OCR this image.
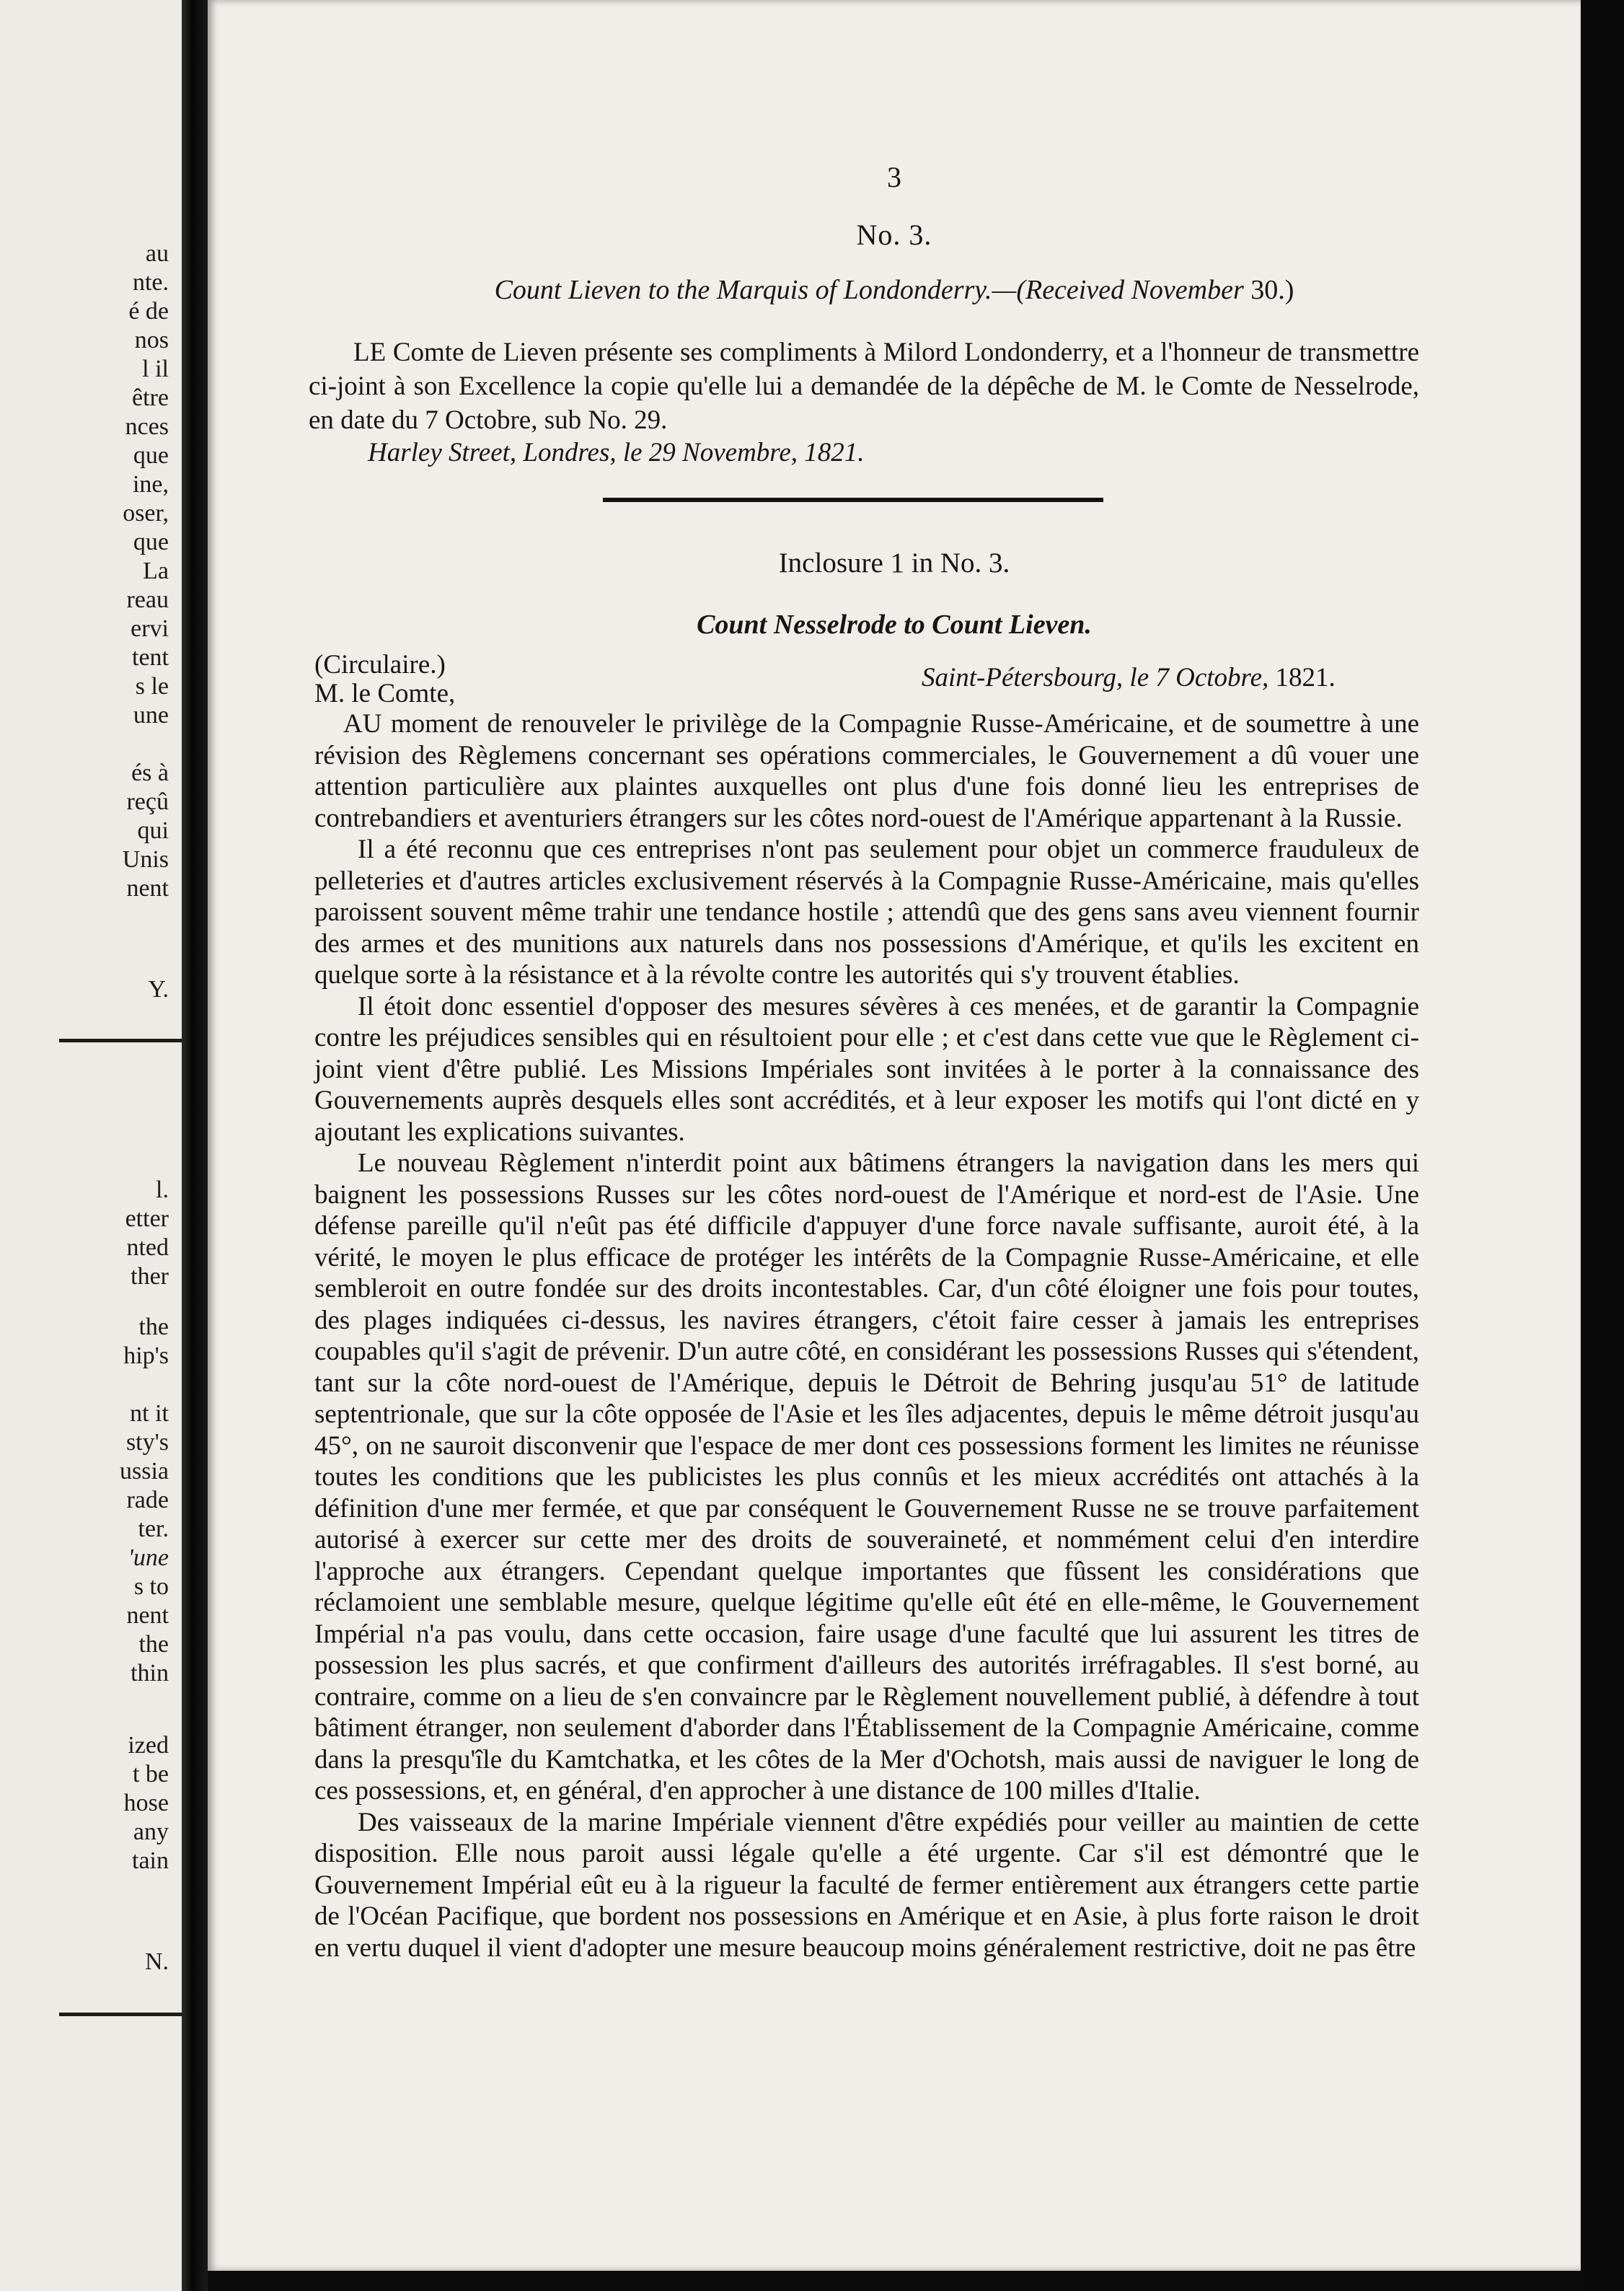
au
nte.
é de
nos
l il
être
nces
que
ine,
oser,
que
La
reau
ervi
tent
s le
une
és à
reçû
qui
Unis
nent
Y.
l.
etter
nted
ther
the
hip's
nt it
sty's
ussia
rade
ter.
'une
s to
nent
the
thin
ized
t be
hose
any
tain
N.
3
No. 3.
Count Lieven to the Marquis of Londonderry.—(Received November 30.)
LE Comte de Lieven présente ses compliments à Milord Londonderry, et a l'honneur de transmettre ci-joint à son Excellence la copie qu'elle lui a demandée de la dépêche de M. le Comte de Nesselrode, en date du 7 Octobre, sub No. 29.
Harley Street, Londres, le 29 Novembre, 1821.
Inclosure 1 in No. 3.
Count Nesselrode to Count Lieven.
(Circulaire.)
M. le Comte,
Saint-Pétersbourg, le 7 Octobre, 1821.

AU moment de renouveler le privilège de la Compagnie Russe-Américaine, et de soumettre à une révision des Règlemens concernant ses opérations commerciales, le Gouvernement a dû vouer une attention particulière aux plaintes auxquelles ont plus d'une fois donné lieu les entreprises de contrebandiers et aventuriers étrangers sur les côtes nord-ouest de l'Amérique appartenant à la Russie.

Il a été reconnu que ces entreprises n'ont pas seulement pour objet un commerce frauduleux de pelleteries et d'autres articles exclusivement réservés à la Compagnie Russe-Américaine, mais qu'elles paroissent souvent même trahir une tendance hostile ; attendû que des gens sans aveu viennent fournir des armes et des munitions aux naturels dans nos possessions d'Amérique, et qu'ils les excitent en quelque sorte à la résistance et à la révolte contre les autorités qui s'y trouvent établies.

Il étoit donc essentiel d'opposer des mesures sévères à ces menées, et de garantir la Compagnie contre les préjudices sensibles qui en résultoient pour elle ; et c'est dans cette vue que le Règlement ci-joint vient d'être publié. Les Missions Impériales sont invitées à le porter à la connaissance des Gouvernements auprès desquels elles sont accrédités, et à leur exposer les motifs qui l'ont dicté en y ajoutant les explications suivantes.

Le nouveau Règlement n'interdit point aux bâtimens étrangers la navigation dans les mers qui baignent les possessions Russes sur les côtes nord-ouest de l'Amérique et nord-est de l'Asie. Une défense pareille qu'il n'eût pas été difficile d'appuyer d'une force navale suffisante, auroit été, à la vérité, le moyen le plus efficace de protéger les intérêts de la Compagnie Russe-Américaine, et elle sembleroit en outre fondée sur des droits incontestables. Car, d'un côté éloigner une fois pour toutes, des plages indiquées ci-dessus, les navires étrangers, c'étoit faire cesser à jamais les entreprises coupables qu'il s'agit de prévenir. D'un autre côté, en considérant les possessions Russes qui s'étendent, tant sur la côte nord-ouest de l'Amérique, depuis le Détroit de Behring jusqu'au 51° de latitude septentrionale, que sur la côte opposée de l'Asie et les îles adjacentes, depuis le même détroit jusqu'au 45°, on ne sauroit disconvenir que l'espace de mer dont ces possessions forment les limites ne réunisse toutes les conditions que les publicistes les plus connûs et les mieux accrédités ont attachés à la définition d'une mer fermée, et que par conséquent le Gouvernement Russe ne se trouve parfaitement autorisé à exercer sur cette mer des droits de souveraineté, et nommément celui d'en interdire l'approche aux étrangers. Cependant quelque importantes que fûssent les considérations que réclamoient une semblable mesure, quelque légitime qu'elle eût été en elle-même, le Gouvernement Impérial n'a pas voulu, dans cette occasion, faire usage d'une faculté que lui assurent les titres de possession les plus sacrés, et que confirment d'ailleurs des autorités irréfragables. Il s'est borné, au contraire, comme on a lieu de s'en convaincre par le Règlement nouvellement publié, à défendre à tout bâtiment étranger, non seulement d'aborder dans l'Établissement de la Compagnie Américaine, comme dans la presqu'île du Kamtchatka, et les côtes de la Mer d'Ochotsh, mais aussi de naviguer le long de ces possessions, et, en général, d'en approcher à une distance de 100 milles d'Italie.

Des vaisseaux de la marine Impériale viennent d'être expédiés pour veiller au maintien de cette disposition. Elle nous paroit aussi légale qu'elle a été urgente. Car s'il est démontré que le Gouvernement Impérial eût eu à la rigueur la faculté de fermer entièrement aux étrangers cette partie de l'Océan Pacifique, que bordent nos possessions en Amérique et en Asie, à plus forte raison le droit en vertu duquel il vient d'adopter une mesure beaucoup moins généralement restrictive, doit ne pas être
